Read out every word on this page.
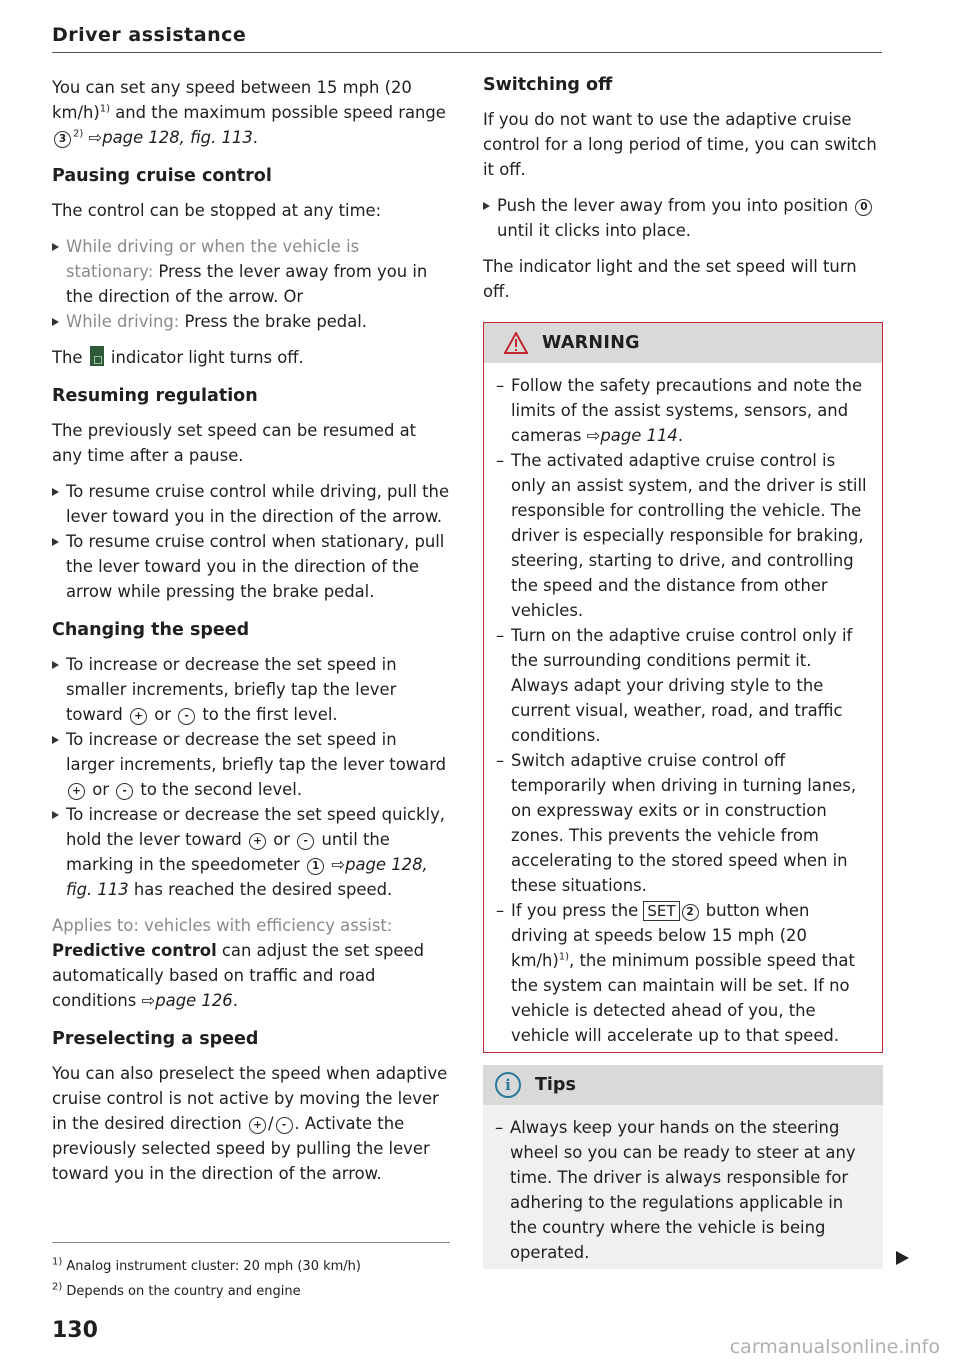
Driver assistance

You can set any speed between 15 mph (20 km/h)$^{1)}$ and the maximum possible speed range 3 $^{2)}$ ⇨page 128, fig. 113.

Pausing cruise control

The control can be stopped at any time:

While driving or when the vehicle is stationary: Press the lever away from you in the direction of the arrow. Or
While driving: Press the brake pedal.

The  indicator light turns off.

Resuming regulation

The previously set speed can be resumed at any time after a pause.

To resume cruise control while driving, pull the lever toward you in the direction of the arrow.
To resume cruise control when stationary, pull the lever toward you in the direction of the arrow while pressing the brake pedal.
Changing the speed
To increase or decrease the set speed in smaller increments, briefly tap the lever toward + or - to the first level.
To increase or decrease the set speed in larger increments, briefly tap the lever toward + or - to the second level.
To increase or decrease the set speed quickly, hold the lever toward + or - until the marking in the speedometer 1 ⇨page 128, fig. 113 has reached the desired speed.

Applies to: vehicles with efficiency assist: Predictive control can adjust the set speed automatically based on traffic and road conditions ⇨page 126.

Preselecting a speed

You can also preselect the speed when adaptive cruise control is not active by moving the lever in the desired direction + / - . Activate the previously selected speed by pulling the lever toward you in the direction of the arrow.

Switching off

If you do not want to use the adaptive cruise control for a long period of time, you can switch it off.

Push the lever away from you into position 0 until it clicks into place.

The indicator light and the set speed will turn off.

WARNING
– Follow the safety precautions and note the limits of the assist systems, sensors, and cameras ⇨page 114.
– The activated adaptive cruise control is only an assist system, and the driver is still responsible for controlling the vehicle. The driver is especially responsible for braking, steering, starting to drive, and controlling the speed and the distance from other vehicles.
– Turn on the adaptive cruise control only if the surrounding conditions permit it. Always adapt your driving style to the current visual, weather, road, and traffic conditions.
– Switch adaptive cruise control off temporarily when driving in turning lanes, on expressway exits or in construction zones. This prevents the vehicle from accelerating to the stored speed when in these situations.
– If you press the SET 2 button when driving at speeds below 15 mph (20 km/h)$^{1)}$, the minimum possible speed that the system can maintain will be set. If no vehicle is detected ahead of you, the vehicle will accelerate up to that speed.
i	Tips
– Always keep your hands on the steering wheel so you can be ready to steer at any time. The driver is always responsible for adhering to the regulations applicable in the country where the vehicle is being operated.
$^{1)}$ Analog instrument cluster: 20 mph (30 km/h)
$^{2)}$ Depends on the country and engine
130
carmanualsonline.info
